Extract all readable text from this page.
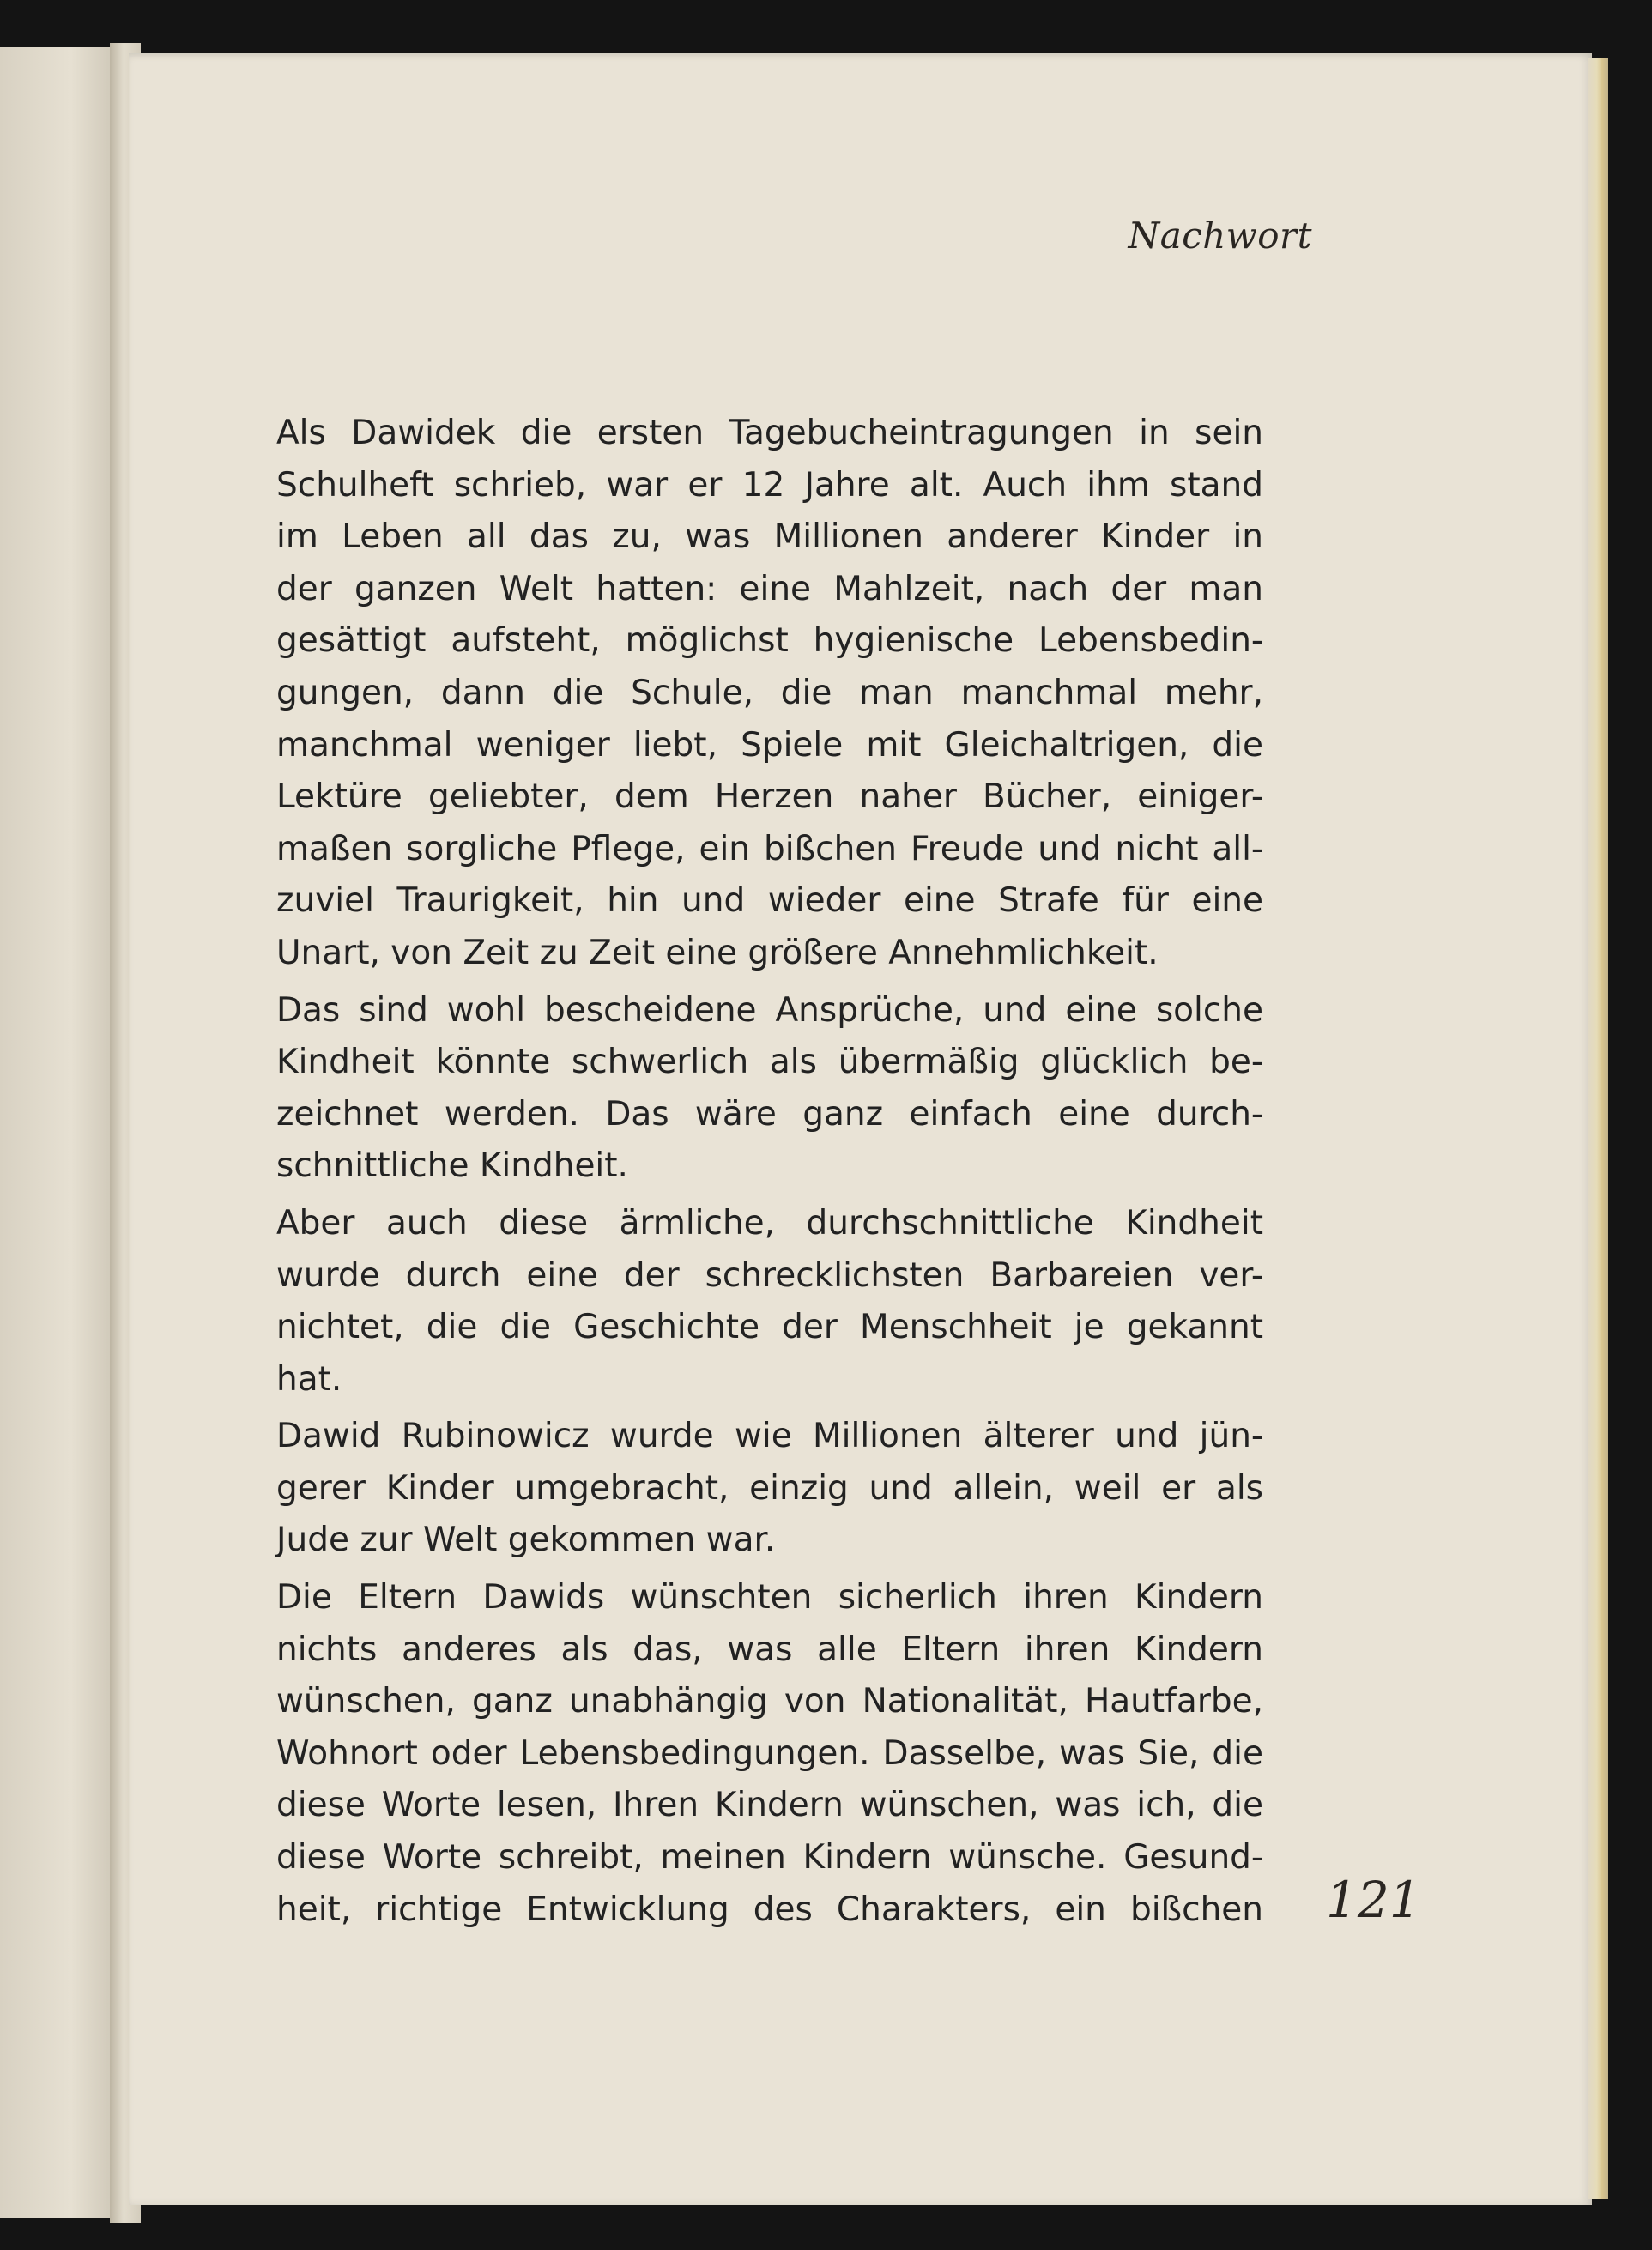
Nachwort
Als Dawidek die ersten Tagebucheintragungen in sein
Schulheft schrieb, war er 12 Jahre alt. Auch ihm stand
im Leben all das zu, was Millionen anderer Kinder in
der ganzen Welt hatten: eine Mahlzeit, nach der man
gesättigt aufsteht, möglichst hygienische Lebensbedin-
gungen, dann die Schule, die man manchmal mehr,
manchmal weniger liebt, Spiele mit Gleichaltrigen, die
Lektüre geliebter, dem Herzen naher Bücher, einiger-
maßen sorgliche Pflege, ein bißchen Freude und nicht all-
zuviel Traurigkeit, hin und wieder eine Strafe für eine
Unart, von Zeit zu Zeit eine größere Annehmlichkeit.
Das sind wohl bescheidene Ansprüche, und eine solche
Kindheit könnte schwerlich als übermäßig glücklich be-
zeichnet werden. Das wäre ganz einfach eine durch-
schnittliche Kindheit.
Aber auch diese ärmliche, durchschnittliche Kindheit
wurde durch eine der schrecklichsten Barbareien ver-
nichtet, die die Geschichte der Menschheit je gekannt
hat.
Dawid Rubinowicz wurde wie Millionen älterer und jün-
gerer Kinder umgebracht, einzig und allein, weil er als
Jude zur Welt gekommen war.
Die Eltern Dawids wünschten sicherlich ihren Kindern
nichts anderes als das, was alle Eltern ihren Kindern
wünschen, ganz unabhängig von Nationalität, Hautfarbe,
Wohnort oder Lebensbedingungen. Dasselbe, was Sie, die
diese Worte lesen, Ihren Kindern wünschen, was ich, die
diese Worte schreibt, meinen Kindern wünsche. Gesund-
heit, richtige Entwicklung des Charakters, ein bißchen 121
